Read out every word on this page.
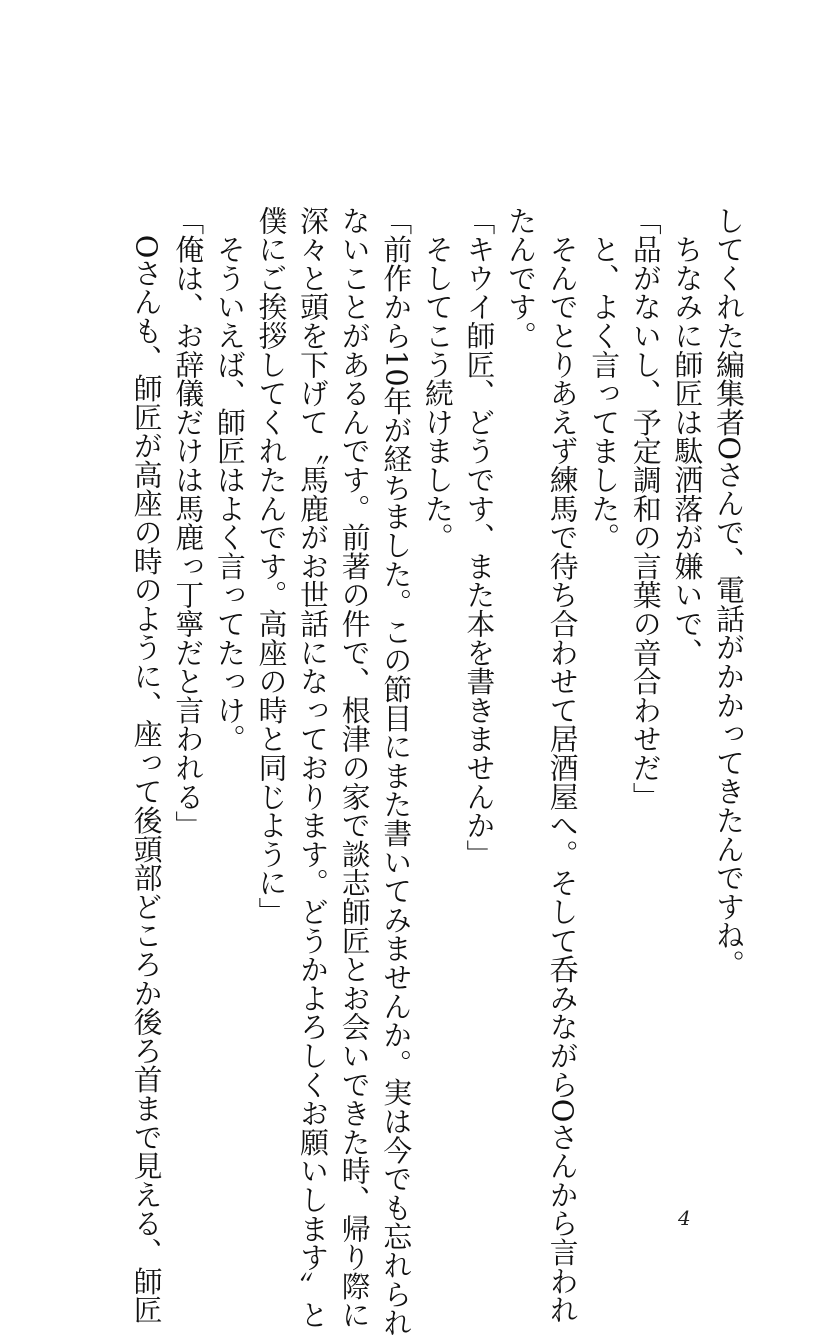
してくれた編集者Oさんで、電話がかかってきたんですね。
　ちなみに師匠は駄洒落が嫌いで、
「品がないし、予定調和の言葉の音合わせだ」
　と、よく言ってました。
　そんでとりあえず練馬で待ち合わせて居酒屋へ。そして呑みながらOさんから言われ
たんです。
「キウイ師匠、どうです、また本を書きませんか」
　そしてこう続けました。
「前作から10年が経ちました。この節目にまた書いてみませんか。実は今でも忘れられ
ないことがあるんです。前著の件で、根津の家で談志師匠とお会いできた時、帰り際に
深々と頭を下げて〝馬鹿がお世話になっております。どうかよろしくお願いします〟と
僕にご挨拶してくれたんです。高座の時と同じように」
　そういえば、師匠はよく言ってたっけ。
「俺は、お辞儀だけは馬鹿っ丁寧だと言われる」
　Oさんも、師匠が高座の時のように、座って後頭部どころか後ろ首まで見える、師匠	4
